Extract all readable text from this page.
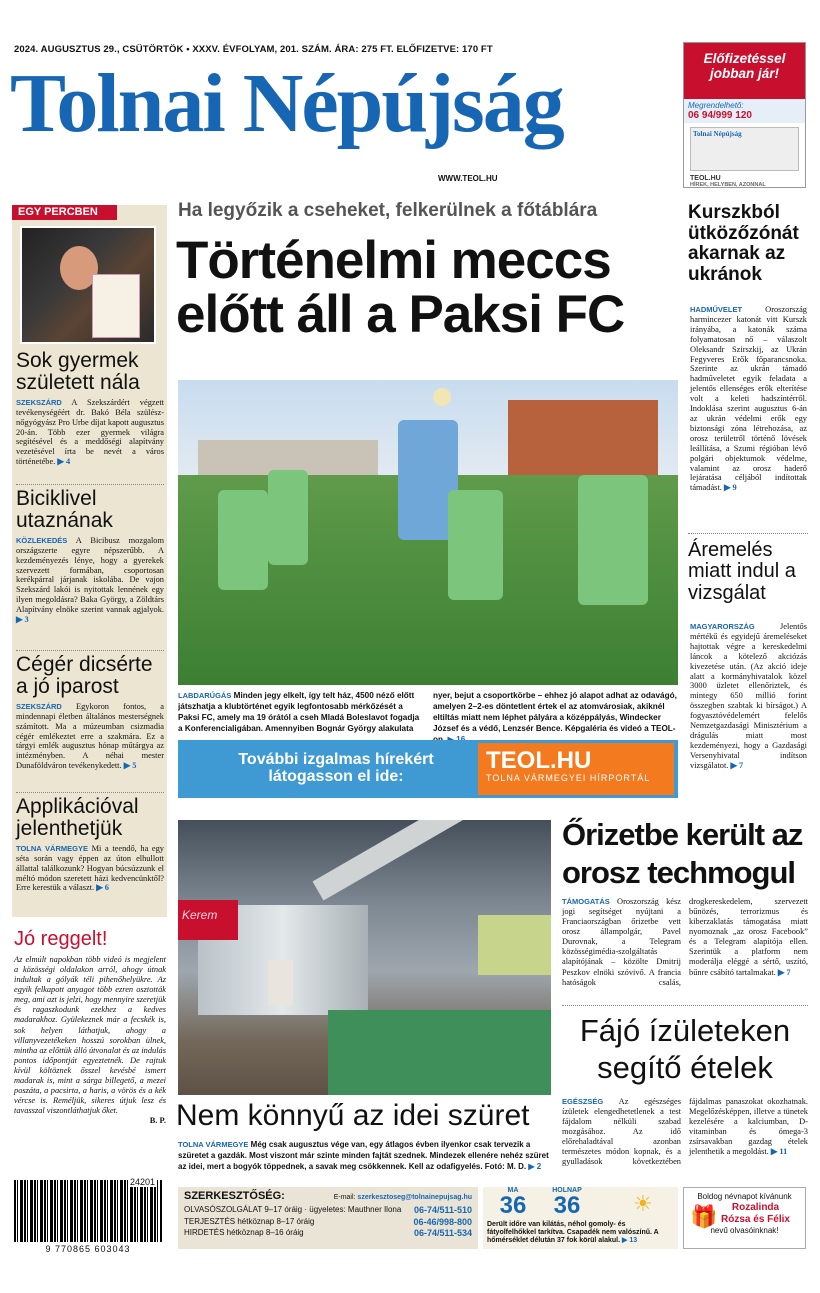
2024. AUGUSZTUS 29., CSÜTÖRTÖK • XXXV. ÉVFOLYAM, 201. SZÁM. ÁRA: 275 FT. ELŐFIZETVE: 170 FT
Tolnai Népújság
WWW.TEOL.HU
Előfizetéssel jobban jár!
Megrendelhető:
06 94/999 120
Tolnai Népújság
TEOL.HU
HÍREK, HELYBEN, AZONNAL
EGY PERCBEN
Sok gyermek született nála
SZEKSZÁRD A Szekszárdért végzett tevékenységéért dr. Bakó Béla szülész-nőgyógyász Pro Urbe díjat kapott augusztus 20-án. Több ezer gyermek világra segítésével és a meddőségi alapítvány vezetésével írta be nevét a város történetébe. ▶ 4
Biciklivel utaznának
KÖZLEKEDÉS A Bicibusz mozgalom országszerte egyre népszerűbb. A kezdeményezés lénye, hogy a gyerekek szervezett formában, csoportosan kerékpárral járjanak iskolába. De vajon Szekszárd lakói is nyitottak lennének egy ilyen megoldásra? Baka György, a Zöldtárs Alapítvány elnöke szerint vannak agjalyok. ▶ 3
Cégér dicsérte a jó iparost
SZEKSZÁRD Egykoron fontos, a mindennapi életben általános mesterségnek számított. Ma a múzeumban csizmadia cégér emlékeztet erre a szakmára. Ez a tárgyi emlék augusztus hónap műtárgya az intézményben. A néhai mester Dunaföldváron tevékenykedett. ▶ 5
Applikációval jelenthetjük
TOLNA VÁRMEGYE Mi a teendő, ha egy séta során vagy éppen az úton elhullott állattal találkozunk? Hogyan búcsúzzunk el méltó módon szeretett házi kedvencünktől? Erre kerestük a választ. ▶ 6
Jó reggelt!
Az elmúlt napokban több videó is megjelent a közösségi oldalakon arról, ahogy útnak indultak a gólyák téli pihenőhelyükre. Az egyik felkapott anyagot több ezren osztották meg, ami azt is jelzi, hogy mennyire szeretjük és ragaszkodunk ezekhez a kedves madarakhoz. Gyülekeznek már a fecskék is, sok helyen láthatjuk, ahogy a villanyvezetékeken hosszú sorokban ülnek, mintha az előttük álló útvonalat és az indulás pontos időpontját egyeztetnék. De rajtuk kívül költöznek ősszel kevésbé ismert madarak is, mint a sárga billegető, a mezei poszáta, a pacsirta, a haris, a vörös és a kék vércse is. Reméljük, sikeres útjuk lesz és tavasszal viszontláthatjuk őket.
B. P.
24201
9 770865 603043
Ha legyőzik a cseheket, felkerülnek a főtáblára
Történelmi meccs előtt áll a Paksi FC
LABDARÚGÁS Minden jegy elkelt, így telt ház, 4500 néző előtt játszhatja a klubtörténet egyik legfontosabb mérkőzését a Paksi FC, amely ma 19 órától a cseh Mladá Boleslavot fogadja a Konferencialigában. Amennyiben Bognár György alakulata nyer, bejut a csoportkörbe – ehhez jó alapot adhat az odavágó, amelyen 2–2-es döntetlent értek el az atomvárosiak, akiknél eltiltás miatt nem léphet pályára a középpályás, Windecker József és a védő, Lenzsér Bence. Képgaléria és videó a TEOL-
További izgalmas hírekért látogasson el ide:
TEOL.HU
TOLNA VÁRMEGYEI HÍRPORTÁL
Kerem
Nem könnyű az idei szüret
TOLNA VÁRMEGYE Még csak augusztus vége van, egy átlagos évben ilyenkor csak tervezik a szüretet a gazdák. Most viszont már szinte minden fajtát szednek. Mindezek ellenére nehéz szüret az idei, mert a bogyók töppednek, a savak meg csökkennek. Kell az odafigyelés. Fotó: M. D. ▶ 2
Kurszkból ütközőzónát akarnak az ukránok
HADMŰVELET	Oroszország harmincezer katonát vitt Kurszk irányába, a katonák száma folyamatosan nő – válaszolt Oleksandr Szirszkij, az Ukrán Fegyveres Erők főparancsnoka. Szerinte az ukrán támadó hadműveletet egyik feladata a jelentős ellenséges erők elterítése volt a keleti hadszíntérről. Indoklása szerint augusztus 6-án az ukrán védelmi erők egy biztonsági zóna létrehozása, az orosz területről történő lövések leállítása, a Szumi régióban lévő polgári objektumok védelme, valamint az orosz haderő lejáratása céljából indítottak támadást. ▶ 9
Áremelés miatt indul a vizsgálat
MAGYARORSZÁG	Jelentős mértékű és egyidejű áremeléseket hajtottak végre a kereskedelmi láncok a kötelező akciózás kivezetése után. (Az akció ideje alatt a kormányhivatalok közel 3000 üzletet ellenőriztek, és mintegy 650 millió forint összegben szabtak ki bírságot.) A fogyasztóvédelemért felelős Nemzetgazdasági Minisztérium a drágulás miatt most kezdeményezi, hogy a Gazdasági Versenyhivatal indítson vizsgálatot. ▶ 7
Őrizetbe került az orosz techmogul
TÁMOGATÁS Oroszország kész jogi segítséget nyújtani a Franciaországban őrizetbe vett orosz állampolgár, Pavel Durovnak, a Telegram közösségimédia-szolgáltatás alapítójának – közölte Dmitrij Peszkov elnöki szóvivő. A francia hatóságok csalás, drogkereskedelem, szervezett bűnözés, terrorizmus és kiberzaklatás támogatása miatt nyomoznak „az orosz Facebook” és a Telegram alapítója ellen. Szerintük a platform nem moderálja eléggé a sértő, uszító, bűnre csábító tartalmakat. ▶ 7
Fájó ízületeken segítő ételek
EGÉSZSÉG Az egészséges ízületek elengedhetetlenek a test fájdalom nélküli szabad mozgásához. Az idő előrehaladtával azonban természetes módon kopnak, és a gyulladások következtében fájdalmas panaszokat okozhatnak. Megelőzésképpen, illetve a tünetek kezelésére a kalciumban, D-vitaminban és ómega-3 zsírsavakban gazdag ételek jelenthetik a megoldást. ▶ 11
SZERKESZTŐSÉG:	E-mail: szerkesztoseg@tolnainepujsag.hu
OLVASÓSZOLGÁLAT 9–17 óráig · ügyeletes: Mauthner Ilona 06-74/511-510
TERJESZTÉS hétköznap 8–17 óráig	06-46/998-800
HIRDETÉS hétköznap 8–16 óráig	06-74/511-534
MA
36
HOLNAP
36	☀
Derült időre van kilátás, néhol gomoly- és fátyolfelhőkkel tarkítva. Csapadék nem valószínű. A hőmérséklet délután 37 fok körül alakul. ▶ 13
Boldog névnapot kívánunk
🎁	Rozalinda
Rózsa és Félix
nevű olvasóinknak!
